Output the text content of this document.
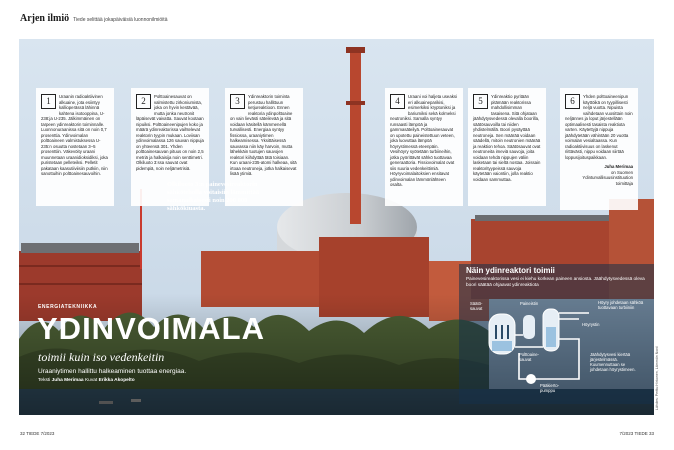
Arjen ilmiö Tiede selittää jokapäiväisiä luonnonilmiöitä
1	Uraanin radioaktiivinen alkuaine, jota esiintyy kallioperässä lähinnä kahtena isotooppina, U-238:ja U-235. Jälkimmäinen on tarpeen ydinreaktorin toiminnalle. Luonnonuraanissa sitä on noin 0,7 prosenttia. Ydinvoimalan polttoaineen valmistuksessa U-235:n osuutta nostetaan 3–5 prosenttiin. Väkevöity uraani muunnetaan uraanidioksidiksi, joka puristetaan pelleteiksi. Pelletit pakataan kaasutiiviisiin putkiin, niin sanottuihin polttoainesauvoihin.
2	Polttoainesauvat on valmistettu zirkoniumista, joka on hyvin kestävää, mutta jonka neutronit läpäisevät vaivatta. Sauvat kootaan nipuiksi. Polttoaineenipujen koko ja määrä ydinreaktorissa vaihtelevat reaktorin tyypin mukaan. Loviisan ydinvoimalassa 126 sauvan nippuja on yhteensä 301. Yhden polttoainesauvan pituus on noin 2,5 metriä ja halkaisija noin senttimetri. Olkiluoto 3:ssa sauvat ovat pidempiä, noin neljämetrisiä.
3	Ydinreaktorin toiminta perustuu hallittuun ketjureaktioon. Ennen reaktoria ydinpolttoaine on vain lievästi säteilevää ja sitä voidaan käsitellä kämmenellä turvallisesti. Energiaa syntyy fissiossa, uraaniytimen halkeamisessa. Yksittäisessä sauvassa niin käy harvoin, mutta lähekkäin tuotujen sauvojen reaktori kiihdyttää tätä toisiaan. Kun uraani-235-atomi halkeaa, sitä irtoaa neutroneja, jotka halkaisevat lisää ytimiä.
4	Uraani voi haljeta useaksi eri alkuaineparikisi, esimerkiksi kryptoniksi ja bariumiksi sekä kolmeksi neutroniksi. Samalla syntyy runsaasti lämpöä ja gammasäteilyä. Polttoainesauvat on upotettu paineistettuun veteen, joka luovuttaa lämpöä höyrystimessä eteenpäin. Vesihöyry syötetään turbiineihin, jotka pyörittävät sähkö tuottavaa generaattoria. Fissiovoimalat ovat siis suuria vedenkeittimiä. Höyryvoimalaitoksien ensitavat ydinvoimalan lämmönlähteen osalta.
5	Ydinreaktio pyritään pitämään reaktorissa mahdollisimman tasaisena. Sitä ohjataan jäähdytysvedessä olevalla boorilla, säätösauvoilla tai niiden yhdistelmällä. Boori pysäyttää neutroneja. Sen määrää voidaan säädellä, mitoin neutronien määrää ja reaktion tehoa. Säätösauvat ovat neutroneita imeviä sauvoja, joita voidaan tehdä nippujen väliin lasketaan tai sieltä nostaa. Joissain reaktorityypeissä sauvoja käytetään vaiontiin, jolla reaktio voidaan sammuttaa.
6	Yhden polttoaineenipun käyttöikä on tyypillisesti neljä vuotta. Nipuista vaihdetaan vuosittain noin neljännes ja loput järjestellään optimaalisesti tasaista reaktiota varten. Käytettyjä nippuja jäähdytetään vähintään 20 vuotta voimalan vesialtaassa. Kun radioaktiivisuus on laskenut riittävästi, nippu voidaan siirtää loppusijoituspaikkaan.
Juha Merimaa
on Suomen Ydinturvallisuusinstituution toimittaja
Olkiluoto 3:n painevesireaktorin sähköteholla voitaisiin lämmittää samanaikaisesti noin 200 000 sähkökiuasta.
ENERGIATEKNIIKKA
YDINVOIMALA
toimii kuin iso vedenkeitin
Uraaniytimen hallittu halkeaminen tuottaa energiaa.
Teksti Juha Merimaa Kuvat Erikka Akopelto
Näin ydinreaktori toimii
Painevesireaktorissa vesi ei kiehu korkean paineen ansiosta. Jäähdytysvedessä oleva boori säätää ohjaavat ydinreaktiota
Säätö-sauvat
Paineistin	Höyry johdetaan sähköä tuottavaan turbiiniin
Höyrystin
Polttoaine-sauvat
Jäähdytysvesi kiertää järjestelmässä. Kuumennuttaan se johdetaan höyrystimeen.
Pääkierto-pumppu	Lähdes: Perttu Hirkonen, Lämmön Nord
32 TIEDE 7/2023	7/2023 TIEDE 33
